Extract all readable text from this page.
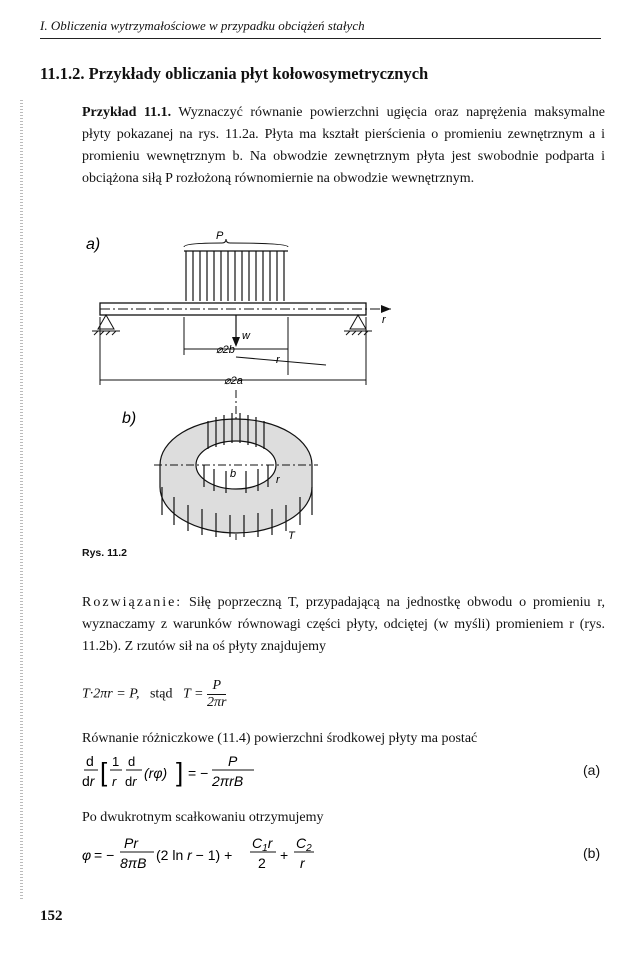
I. Obliczenia wytrzymałościowe w przypadku obciążeń stałych
11.1.2. Przykłady obliczania płyt kołowosymetrycznych
Przykład 11.1. Wyznaczyć równanie powierzchni ugięcia oraz naprężenia maksymalne płyty pokazanej na rys. 11.2a. Płyta ma kształt pierścienia o promieniu zewnętrznym a i promieniu wewnętrznym b. Na obwodzie zewnętrznym płyta jest swobodnie podparta i obciążona siłą P rozłożoną równomiernie na obwodzie wewnętrznym.
a)	P
r
w
⌀2b
r
⌀2a
b)
b	r
T
Rys. 11.2
Rozwiązanie: Siłę poprzeczną T, przypadającą na jednostkę obwodu o promieniu r, wyznaczamy z warunków równowagi części płyty, odciętej (w myśli) promieniem r (rys. 11.2b). Z rzutów sił na oś płyty znajdujemy
T·2πr = P, stąd $T = \frac{P}{2\pi r}$
Równanie różniczkowe (11.4) powierzchni środkowej płyty ma postać
d
dr [ 1
r
d
dr
(rφ) ] = −
P
2πrB
(a)
Po dwukrotnym scałkowaniu otrzymujemy
φ = −
Pr
8πB (2 ln r − 1) +
$C_1r$
2 +
$C_2$
r
(b)
152
